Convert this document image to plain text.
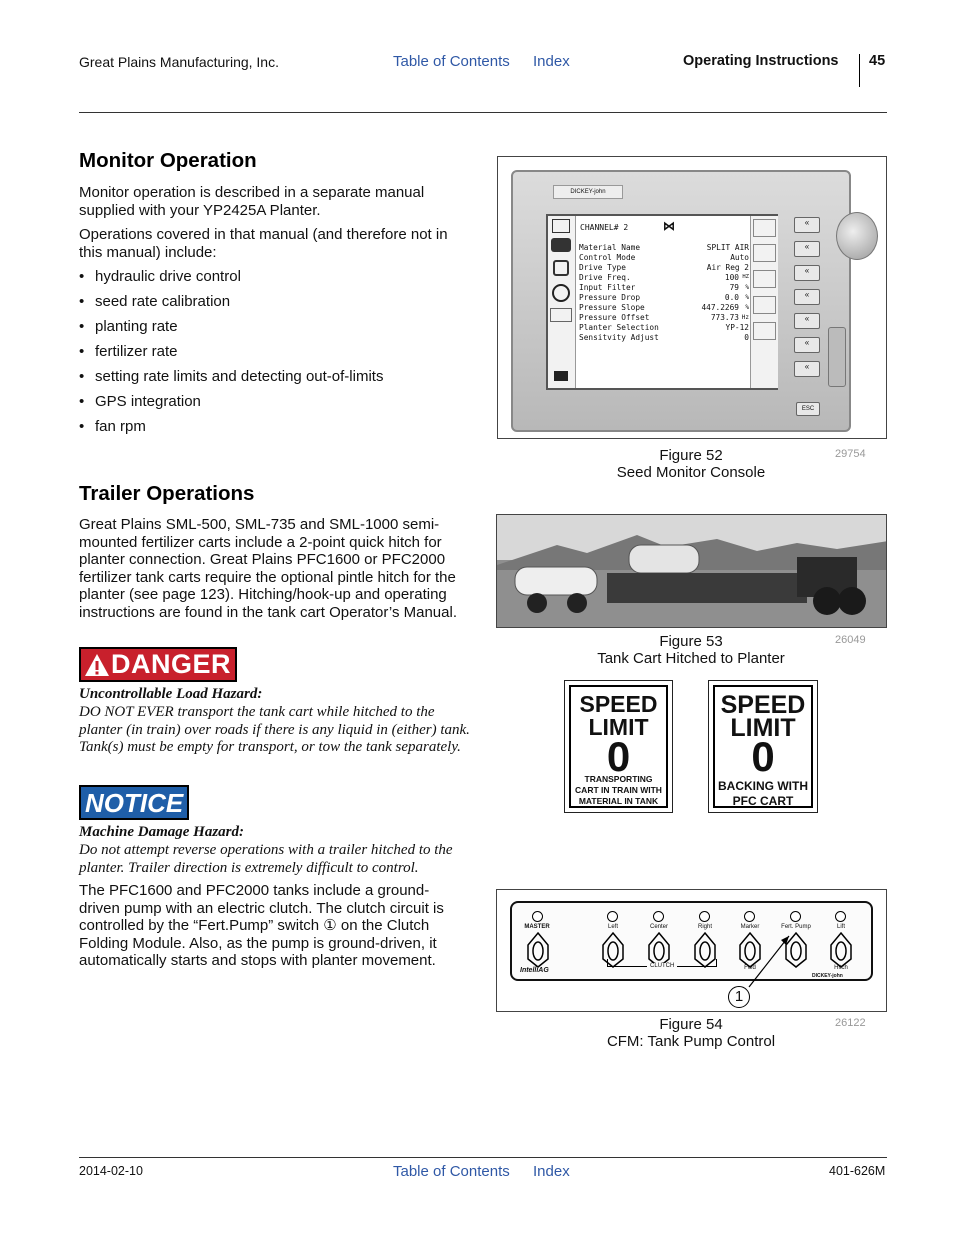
Great Plains Manufacturing, Inc.	Table of Contents Index	Operating Instructions 45
Monitor Operation
Monitor operation is described in a separate manual supplied with your YP2425A Planter.
Operations covered in that manual (and therefore not in this manual) include:
• hydraulic drive control
• seed rate calibration
• planting rate
• fertilizer rate
• setting rate limits and detecting out-of-limits
• GPS integration
• fan rpm
DICKEY-john
CHANNEL# 2	⋈
Material Name	SPLIT AIR
Control Mode	Auto
Drive Type	Air Reg 2
Drive Freq.	100 HZ
Input Filter	79 %
Pressure Drop	0.0 %
Pressure Slope	447.2269 %
Pressure Offset	773.73 Hz
Planter Selection	YP-12
Sensitvity Adjust	0
«
«
«
«
«
«
«
ESC
Figure 52
Seed Monitor Console
29754
Trailer Operations
Great Plains SML-500, SML-735 and SML-1000 semi-mounted fertilizer carts include a 2-point quick hitch for planter connection. Great Plains PFC1600 or PFC2000 fertilizer tank carts require the optional pintle hitch for the planter (see page 123). Hitching/hook-up and operating instructions are found in the tank cart Operator’s Manual.
Figure 53
Tank Cart Hitched to Planter
26049
DANGER
Uncontrollable Load Hazard:
DO NOT EVER transport the tank cart while hitched to the planter (in train) over roads if there is any liquid in (either) tank. Tank(s) must be empty for transport, or tow the tank separately.
SPEED
LIMIT
0
TRANSPORTING
CART IN TRAIN WITH
MATERIAL IN TANK
SPEED
LIMIT
0
BACKING WITH
PFC CART
NOTICE
Machine Damage Hazard:
Do not attempt reverse operations with a trailer hitched to the planter. Trailer direction is extremely difficult to control.
The PFC1600 and PFC2000 tanks include a ground-driven pump with an electric clutch. The clutch circuit is controlled by the “Fert.Pump” switch ① on the Clutch Folding Module. Also, as the pump is ground-driven, it automatically starts and stops with planter movement.
MASTER	Left	Center	Right	Marker	Fert. Pump	Lift
CLUTCH	Fold	Hitch
IntelliAG
DICKEY-john
1
Figure 54
CFM: Tank Pump Control
26122
2014-02-10	Table of Contents Index	401-626M
